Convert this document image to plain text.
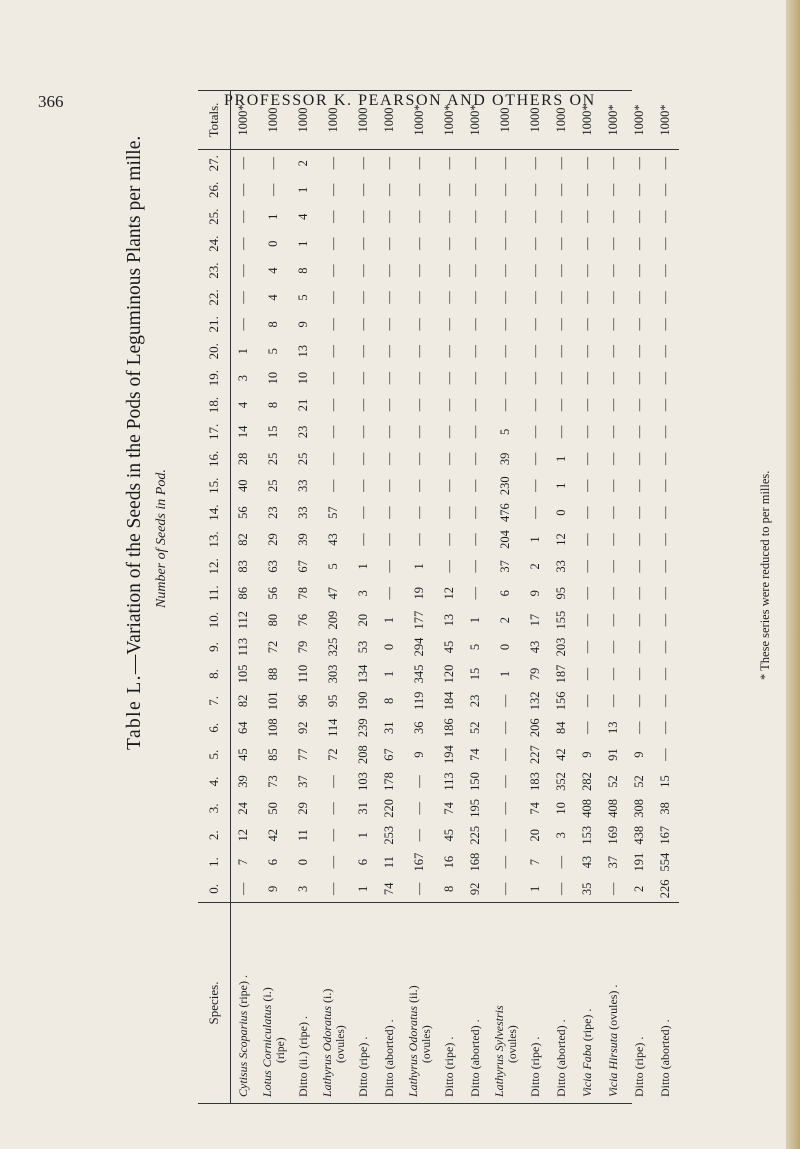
366	PROFESSOR K. PEARSON AND OTHERS ON
Table L.—Variation of the Seeds in the Pods of Leguminous Plants per mille. Number of Seeds in Pod.
Species.	0.	1.	2.	3.	4.	5.	6.	7.	8.	9.	10.	11.	12.	13.	14.	15.	16.	17.	18.	19.	20.	21.	22.	23.	24.	25.	26.	27.	Totals.
Cytisus Scoparius (ripe) .	—	7	12	24	39	45	64	82	105	113	112	86	83	82	56	40	28	14	4	3	1	—	—	—	—	—	—	—	1000*
Lotus Corniculatus (i.)
(ripe)	9	6	42	50	73	85	108	101	88	72	80	56	63	29	23	25	25	15	8	10	5	8	4	4	0	1	—	—	1000
Ditto (ii.) (ripe) .	3	0	11	29	37	77	92	96	110	79	76	78	67	39	33	33	25	23	21	10	13	9	5	8	1	4	1	2	1000
Lathyrus Odoratus (i.)
(ovules)	—	—	—	—	—	72	114	95	303	325	209	47	5	43	57	—	—	—	—	—	—	—	—	—	—	—	—	—	1000
Ditto (ripe) .	1	6	1	31	103	208	239	190	134	53	20	3	1	—	—	—	—	—	—	—	—	—	—	—	—	—	—	—	1000
Ditto (aborted) .	74	11	253	220	178	67	31	8	1	0	1	—	—	—	—	—	—	—	—	—	—	—	—	—	—	—	—	—	1000
Lathyrus Odoratus (ii.)
(ovules)	—	167	—	—	—	9	36	119	345	294	177	19	1	—	—	—	—	—	—	—	—	—	—	—	—	—	—	—	1000*
Ditto (ripe) .	8	16	45	74	113	194	186	184	120	45	13	12	—	—	—	—	—	—	—	—	—	—	—	—	—	—	—	—	1000*
Ditto (aborted) .	92	168	225	195	150	74	52	23	15	5	1	—	—	—	—	—	—	—	—	—	—	—	—	—	—	—	—	—	1000*
Lathyrus Sylvestris (ovules)	—	—	—	—	—	—	—	—	1	0	2	6	37	204	476	230	39	5	—	—	—	—	—	—	—	—	—	—	1000
Ditto (ripe) .	1	7	20	74	183	227	206	132	79	43	17	9	2	1	—	—	—	—	—	—	—	—	—	—	—	—	—	—	1000
Ditto (aborted) .	—	—	3	10	352	42	84	156	187	203	155	95	33	12	0	1	1	—	—	—	—	—	—	—	—	—	—	—	1000
Vicia Faba (ripe) .	35	43	153	408	282	9	—	—	—	—	—	—	—	—	—	—	—	—	—	—	—	—	—	—	—	—	—	—	1000*
Vicia Hirsuta (ovules) .	—	37	169	408	52	91	13	—	—	—	—	—	—	—	—	—	—	—	—	—	—	—	—	—	—	—	—	—	1000*
Ditto (ripe) .	2	191	438	308	52	9	—	—	—	—	—	—	—	—	—	—	—	—	—	—	—	—	—	—	—	—	—	—	1000*
Ditto (aborted) .	226	554	167	38	15	—	—	—	—	—	—	—	—	—	—	—	—	—	—	—	—	—	—	—	—	—	—	—	1000*
* These series were reduced to per milles.
